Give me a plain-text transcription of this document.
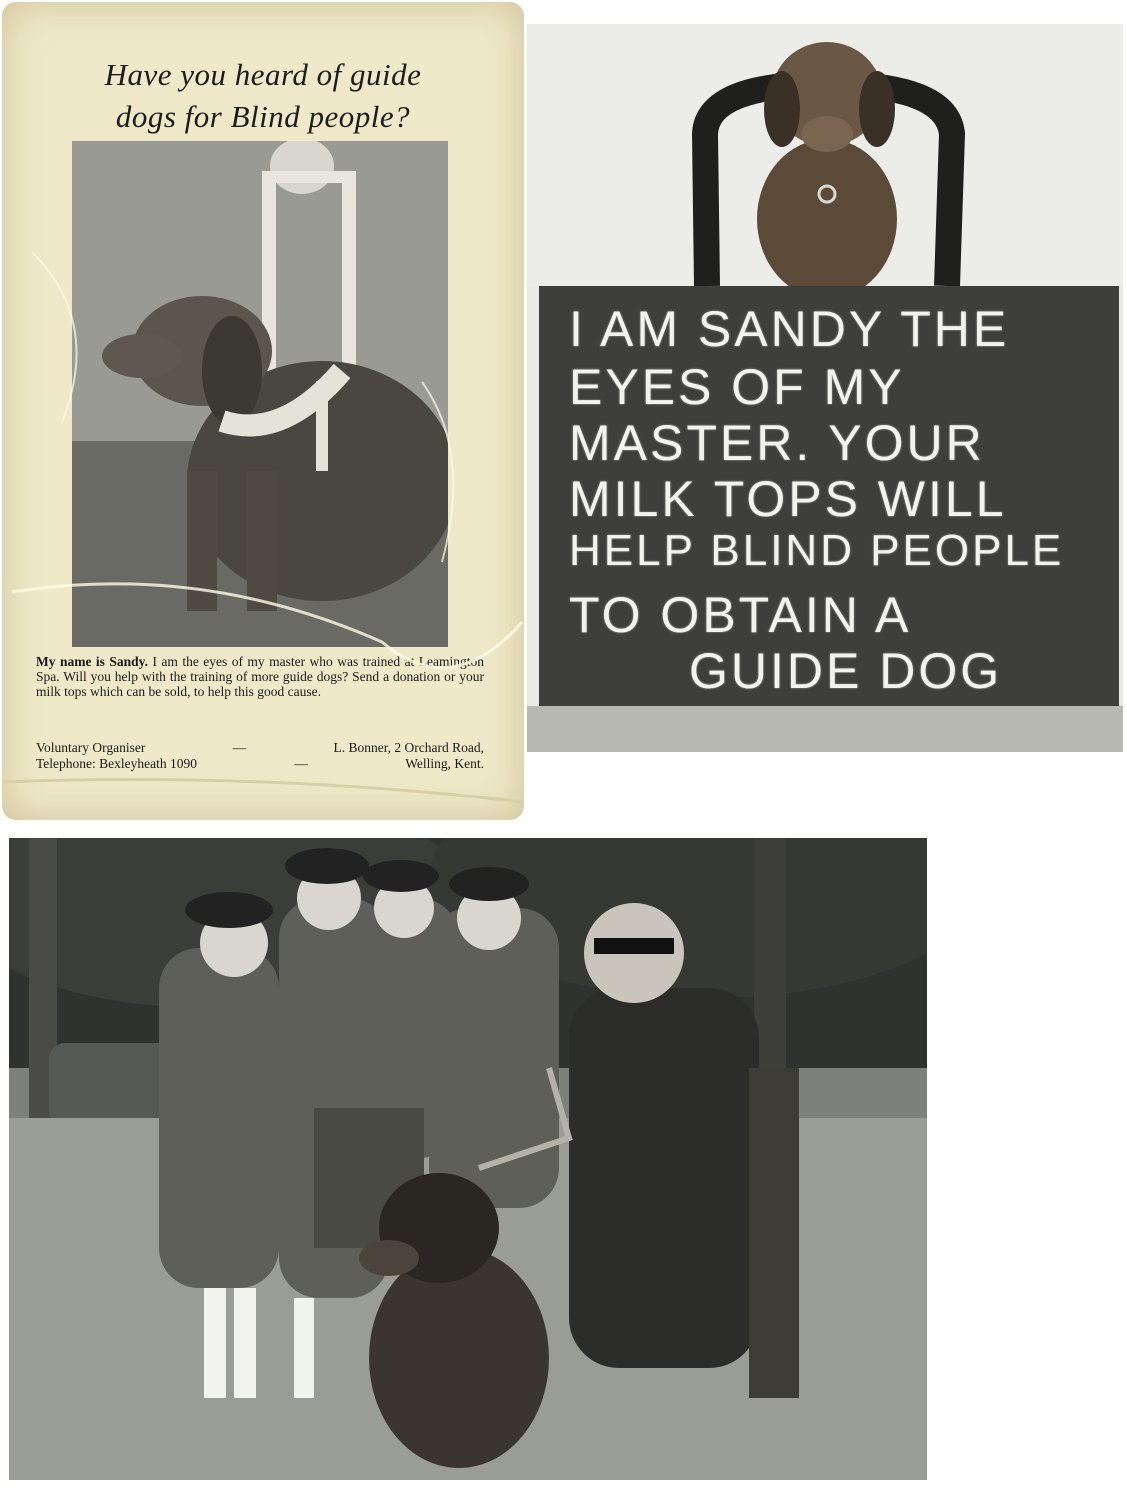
Have you heard of guide
dogs for Blind people?
My name is Sandy. I am the eyes of my master who was trained at Leamington Spa. Will you help with the training of more guide dogs? Send a donation or your milk tops which can be sold, to help this good cause.
Voluntary Organiser	—	L. Bonner, 2 Orchard Road,
Telephone: Bexleyheath 1090	—	Welling, Kent.
I AM SANDY THE
EYES OF MY
MASTER. YOUR
MILK TOPS WILL
HELP BLIND PEOPLE
TO OBTAIN A
GUIDE DOG
